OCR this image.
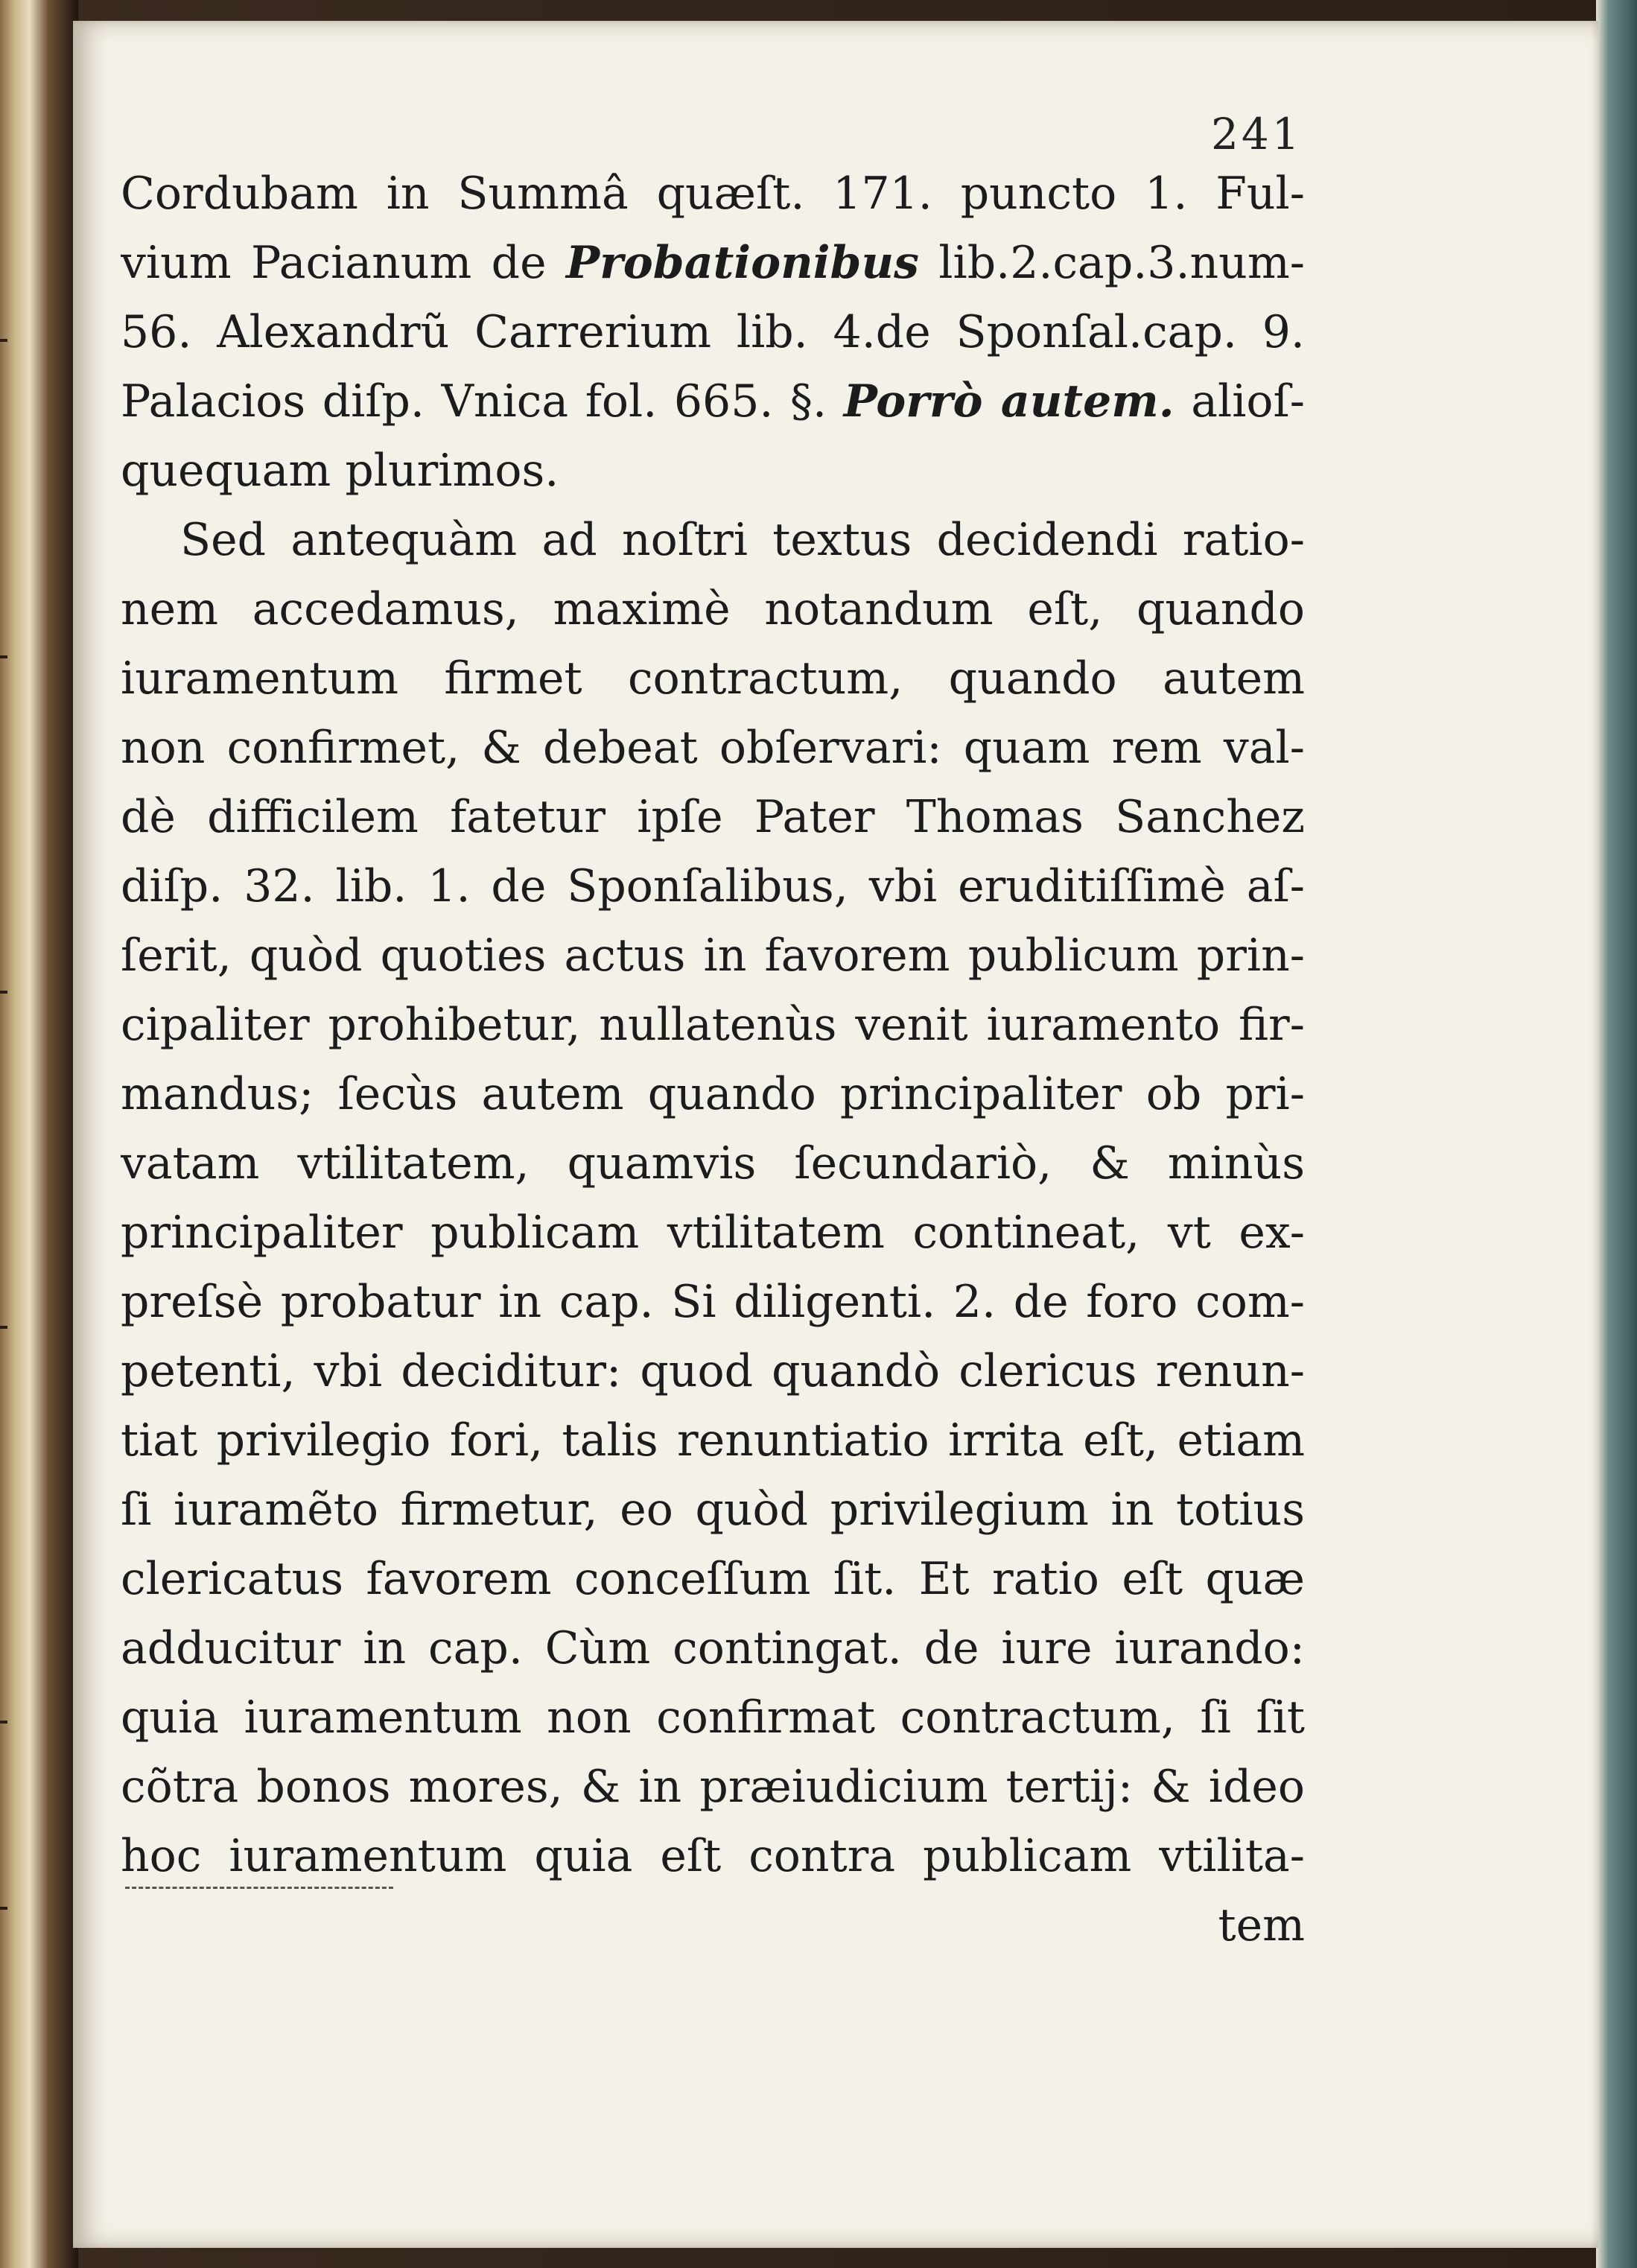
241
Cordubam in Summâ quæſt. 171. puncto 1. Ful-
vium Pacianum de Probationibus lib.2.cap.3.num-
56. Alexandrũ Carrerium lib. 4.de Sponſal.cap. 9.
Palacios diſp. Vnica fol. 665. §. Porrò autem. alioſ-
quequam plurimos.
Sed antequàm ad noſtri textus decidendi ratio-
nem accedamus, maximè notandum eſt, quando
iuramentum firmet contractum, quando autem
non confirmet, & debeat obſervari: quam rem val-
dè difficilem fatetur ipſe Pater Thomas Sanchez
diſp. 32. lib. 1. de Sponſalibus, vbi eruditiſſimè aſ-
ſerit, quòd quoties actus in favorem publicum prin-
cipaliter prohibetur, nullatenùs venit iuramento fir-
mandus; ſecùs autem quando principaliter ob pri-
vatam vtilitatem, quamvis ſecundariò, & minùs
principaliter publicam vtilitatem contineat, vt ex-
preſsè probatur in cap. Si diligenti. 2. de foro com-
petenti, vbi deciditur: quod quandò clericus renun-
tiat privilegio fori, talis renuntiatio irrita eſt, etiam
ſi iuramẽto firmetur, eo quòd privilegium in totius
clericatus favorem conceſſum ſit. Et ratio eſt quæ
adducitur in cap. Cùm contingat. de iure iurando:
quia iuramentum non confirmat contractum, ſi ſit
cõtra bonos mores, & in præiudicium tertij: & ideo
hoc iuramentum quia eſt contra publicam vtilita-
tem
